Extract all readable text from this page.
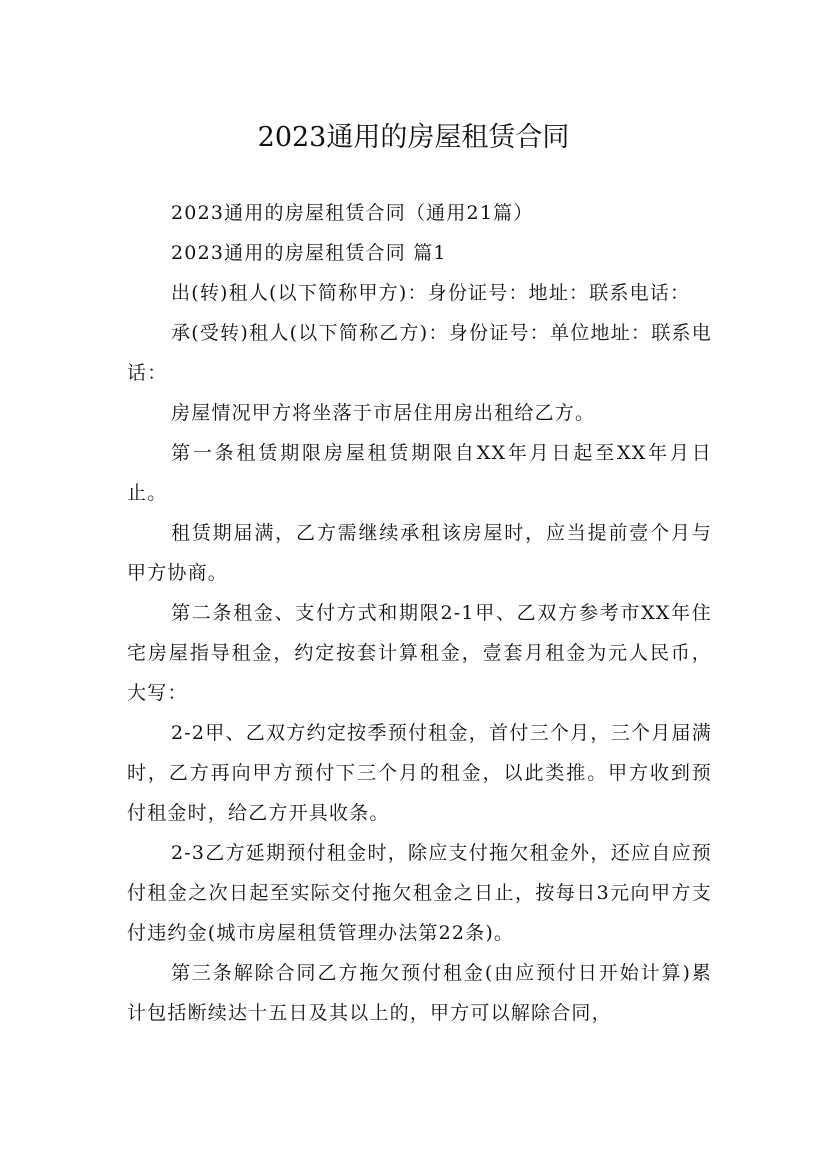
2023通用的房屋租赁合同

2023通用的房屋租赁合同（通用21篇）

2023通用的房屋租赁合同 篇1

出(转)租人(以下简称甲方)：身份证号：地址：联系电话：

承(受转)租人(以下简称乙方)：身份证号：单位地址：联系电话：

房屋情况甲方将坐落于市居住用房出租给乙方。

第一条租赁期限房屋租赁期限自XX年月日起至XX年月日止。

租赁期届满，乙方需继续承租该房屋时，应当提前壹个月与甲方协商。

第二条租金、支付方式和期限2-1甲、乙双方参考市XX年住宅房屋指导租金，约定按套计算租金，壹套月租金为元人民币，大写：

2-2甲、乙双方约定按季预付租金，首付三个月，三个月届满时，乙方再向甲方预付下三个月的租金，以此类推。甲方收到预付租金时，给乙方开具收条。

2-3乙方延期预付租金时，除应支付拖欠租金外，还应自应预付租金之次日起至实际交付拖欠租金之日止，按每日3元向甲方支付违约金(城市房屋租赁管理办法第22条)。

第三条解除合同乙方拖欠预付租金(由应预付日开始计算)累计包括断续达十五日及其以上的，甲方可以解除合同，
